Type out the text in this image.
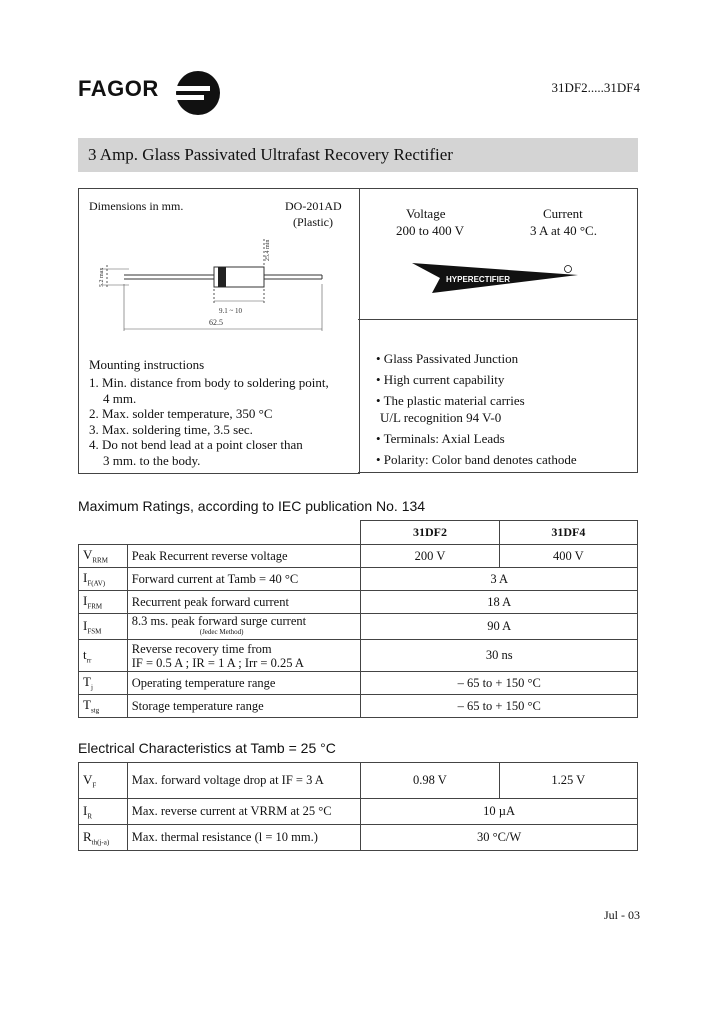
FAGOR	31DF2.....31DF4
3 Amp. Glass Passivated Ultrafast Recovery Rectifier
Dimensions in mm.	DO-201AD
(Plastic)
9.1 ~ 10
62.5
25.4 min
5.2 max
Mounting instructions
1. Min. distance from body to soldering point,
4 mm.
2. Max. solder temperature, 350 °C
3. Max. soldering time, 3.5 sec.
4. Do not bend lead at a point closer than
3 mm. to the body.
Voltage
200 to 400 V
Current
3 A at 40 °C.
HYPERECTIFIER
• Glass Passivated Junction
• High current capability
• The plastic material carries
U/L recognition 94 V-0
• Terminals: Axial Leads
• Polarity: Color band denotes cathode
Maximum Ratings, according to IEC publication No. 134
		31DF2	31DF4
$V_{RRM}$	Peak Recurrent reverse voltage	200 V	400 V
$I_{F(AV)}$	Forward current at Tamb = 40 °C	3 A	
$I_{FRM}$	Recurrent peak forward current	18 A	
$I_{FSM}$	8.3 ms. peak forward surge current
(Jedec Method)	90 A	
$t_{rr}$	Reverse recovery time from
IF = 0.5 A ; IR = 1 A ; Irr = 0.25 A	30 ns	
$T_j$	Operating temperature range	– 65 to + 150 °C	
$T_{stg}$	Storage temperature range	– 65 to + 150 °C	
Electrical Characteristics at Tamb = 25 °C
$V_F$	Max. forward voltage drop at IF = 3 A	0.98 V	1.25 V
$I_R$	Max. reverse current at VRRM at 25 °C	10 µA	
$R_{th(j-a)}$	Max. thermal resistance (l = 10 mm.)	30 °C/W	
Jul - 03
